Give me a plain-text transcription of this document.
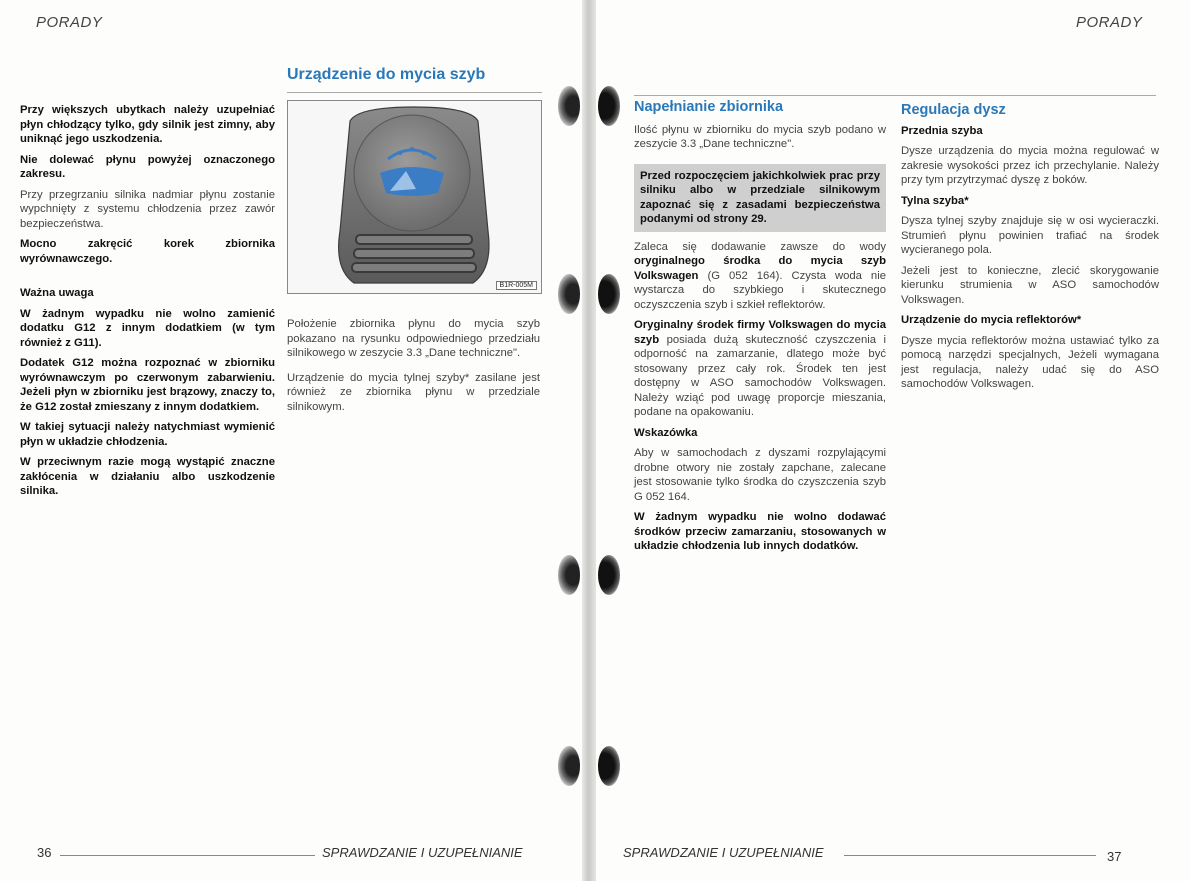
PORADY
Urządzenie do mycia szyb

Przy większych ubytkach należy uzupełniać płyn chłodzący tylko, gdy silnik jest zimny, aby uniknąć jego uszkodzenia.

Nie dolewać płynu powyżej oznaczonego zakresu.

Przy przegrzaniu silnika nadmiar płynu zostanie wypchnięty z systemu chłodzenia przez zawór bezpieczeństwa.

Mocno zakręcić korek zbiornika wyrównawczego.

Ważna uwaga

W żadnym wypadku nie wolno zamienić dodatku G12 z innym dodatkiem (w tym również z G11).

Dodatek G12 można rozpoznać w zbiorniku wyrównawczym po czerwonym zabarwieniu. Jeżeli płyn w zbiorniku jest brązowy, znaczy to, że G12 został zmieszany z innym dodatkiem.

W takiej sytuacji należy natychmiast wymienić płyn w układzie chłodzenia.

W przeciwnym razie mogą wystąpić znaczne zakłócenia w działaniu albo uszkodzenie silnika.

B1R-005M

Położenie zbiornika płynu do mycia szyb pokazano na rysunku odpowiedniego przedziału silnikowego w zeszycie 3.3 „Dane techniczne".

Urządzenie do mycia tylnej szyby* zasilane jest również ze zbiornika płynu w przedziale silnikowym.

36	SPRAWDZANIE I UZUPEŁNIANIE
PORADY

Napełnianie zbiornika

Ilość płynu w zbiorniku do mycia szyb podano w zeszycie 3.3 „Dane techniczne".

Przed rozpoczęciem jakichkolwiek prac przy silniku albo w przedziale silnikowym zapoznać się z zasadami bezpieczeństwa podanymi od strony 29.

Zaleca się dodawanie zawsze do wody oryginalnego środka do mycia szyb Volkswagen (G 052 164). Czysta woda nie wystarcza do szybkiego i skutecznego oczyszczenia szyb i szkieł reflektorów.

Oryginalny środek firmy Volkswagen do mycia szyb posiada dużą skuteczność czyszczenia i odporność na zamarzanie, dlatego może być stosowany przez cały rok. Środek ten jest dostępny w ASO samochodów Volkswagen. Należy wziąć pod uwagę proporcje mieszania, podane na opakowaniu.

Wskazówka

Aby w samochodach z dyszami rozpylającymi drobne otwory nie zostały zapchane, zalecane jest stosowanie tylko środka do czyszczenia szyb G 052 164.

W żadnym wypadku nie wolno dodawać środków przeciw zamarzaniu, stosowanych w układzie chłodzenia lub innych dodatków.

Regulacja dysz

Przednia szyba

Dysze urządzenia do mycia można regulować w zakresie wysokości przez ich przechylanie. Należy przy tym przytrzymać dyszę z boków.

Tylna szyba*

Dysza tylnej szyby znajduje się w osi wycieraczki. Strumień płynu powinien trafiać na środek wycieranego pola.

Jeżeli jest to konieczne, zlecić skorygowanie kierunku strumienia w ASO samochodów Volkswagen.

Urządzenie do mycia reflektorów*

Dysze mycia reflektorów można ustawiać tylko za pomocą narzędzi specjalnych, Jeżeli wymagana jest regulacja, należy udać się do ASO samochodów Volkswagen.

SPRAWDZANIE I UZUPEŁNIANIE	37
